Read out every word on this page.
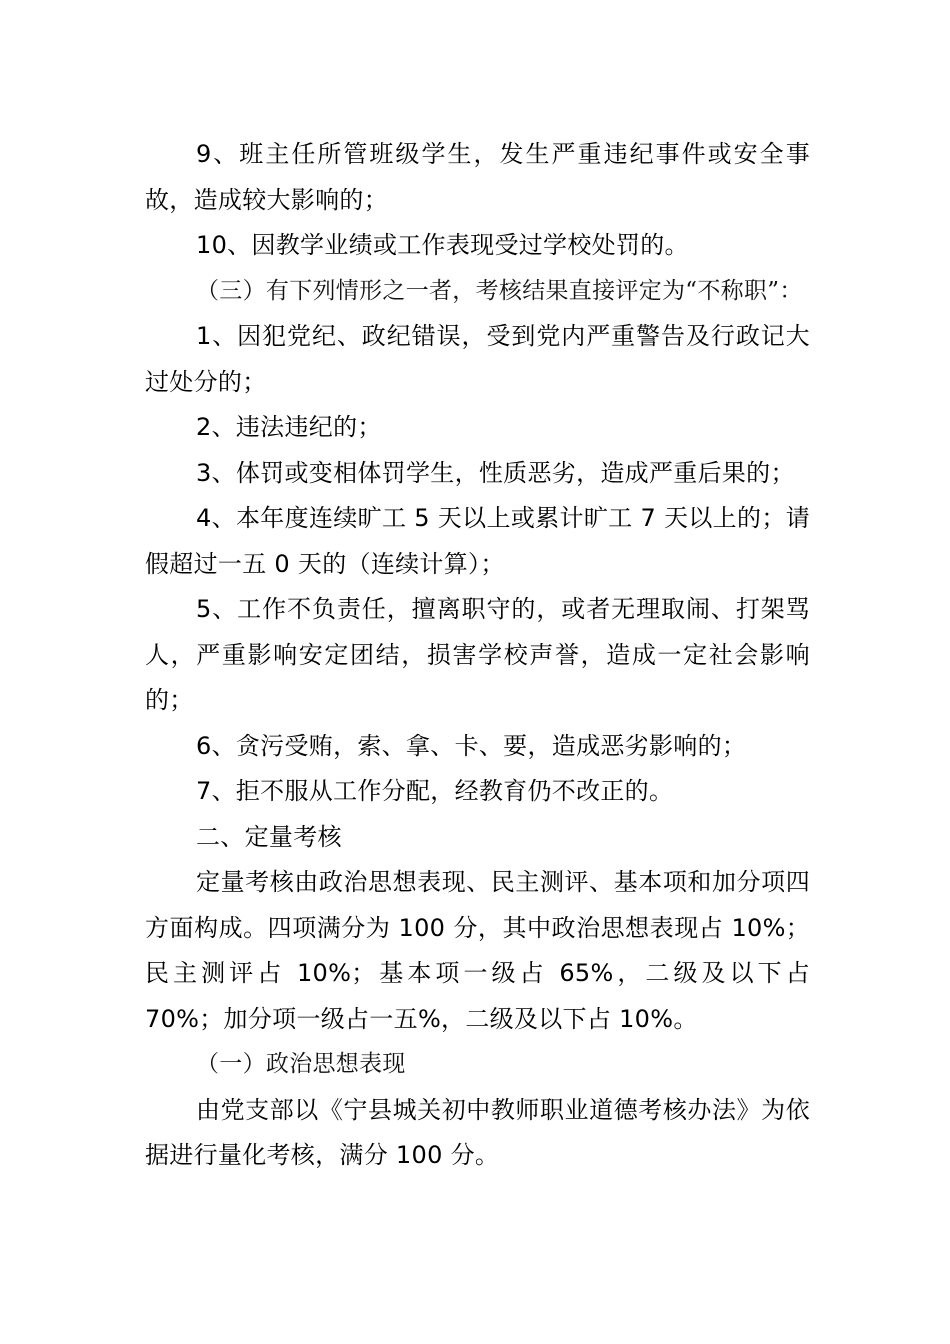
9、班主任所管班级学生，发生严重违纪事件或安全事故，造成较大影响的；

10、因教学业绩或工作表现受过学校处罚的。

（三）有下列情形之一者，考核结果直接评定为“不称职”：

1、因犯党纪、政纪错误，受到党内严重警告及行政记大过处分的；

2、违法违纪的；

3、体罚或变相体罚学生，性质恶劣，造成严重后果的；

4、本年度连续旷工 5 天以上或累计旷工 7 天以上的；请假超过一五 0 天的（连续计算）；

5、工作不负责任，擅离职守的，或者无理取闹、打架骂人，严重影响安定团结，损害学校声誉，造成一定社会影响的；

6、贪污受贿，索、拿、卡、要，造成恶劣影响的；

7、拒不服从工作分配，经教育仍不改正的。

二、定量考核

定量考核由政治思想表现、民主测评、基本项和加分项四方面构成。四项满分为 100 分，其中政治思想表现占 10%；民主测评占 10%；基本项一级占 65%，二级及以下占 70%；加分项一级占一五%，二级及以下占 10%。

（一）政治思想表现

由党支部以《宁县城关初中教师职业道德考核办法》为依据进行量化考核，满分 100 分。
